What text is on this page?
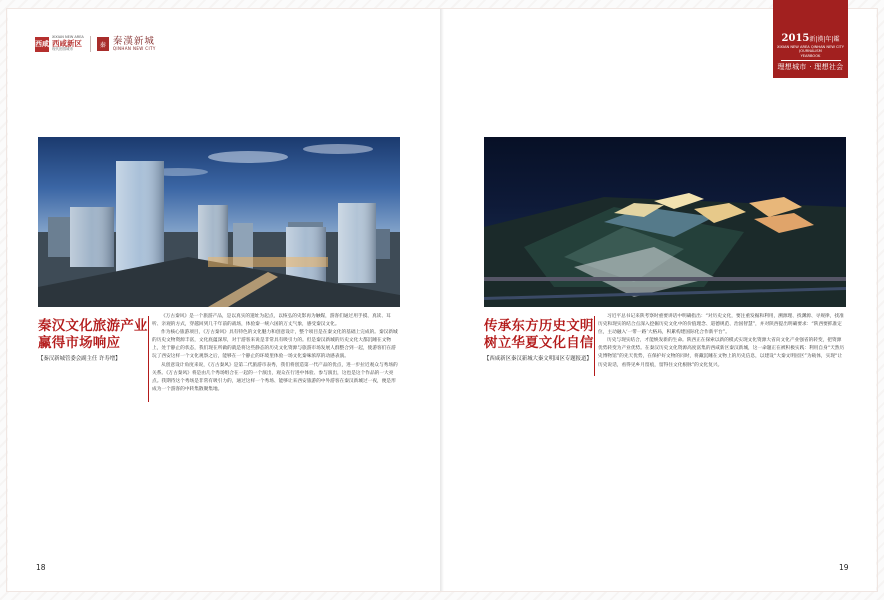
西咸
XIXIAN NEW AREA
西咸新区
现代田园城市
秦 秦漢新城
QINHAN NEW CITY
2015新|漢|年|鑑
XIXIAN NEW AREA QINHAN NEW CITY
JOURNALISM
YEARBOOK
理想城市 · 理想社会
秦汉文化旅游产业
赢得市场响应
【秦汉新城管委会副主任 许寿增】

《万古秦风》是一个旅游产品，是以真实的遗址为起点，以恢弘的史影再为触媒，游客们通过用手摸、真读、耳听、亲观的方式，穿越回到几千年前的战场，体验秦一统六国的万丈气象，感受秦汉文化。

作为核心旅游项目，《万古秦风》具有特色的文化魅力和创意设计，整个项目是在秦文化的基础上完成的。秦汉新城的历史文物资源丰富，文化底蕴深厚，对于游客来说是非常具有吸引力的。但是秦汉新城的历史文化大都沉睡在文物上，处于静止的状态，我们现在所做的就是将这些静态的历史文化资源与旅游市场发展人群整合到一起，使游客们在游玩了西安这样一个文化观察之后，能够在一个静止的环境里体验一场文化秦味浓厚的动感表演。

从创意设计角度来说，《万古秦风》是第二代旅游市表秀，我们将创造第一代产品的优点，进一步拉近观众与秀场的关系。《万古秦风》将是由几个秀场组合在一起的一个演出，观众在行进中体验、参与演出，这也是这个作品的一大亮点。我期待这个秀场是非常有吸引力的，通过这样一个秀场、能够让来西安旅游的中外游客在秦汉新城过一夜，便是形成为一个游客的中转集散聚集地。

传承东方历史文明
树立华夏文化自信
【西咸新区秦汉新城大秦文明园区专题报道】

习近平总书记来陕考察时重要讲话中明确指出：“对历史文化，要注重发掘和利用，溯源理、找渊源、寻规律，找准历史和现实的结合点深入挖掘历史文化中的价值理念、道德规范、治国智慧”，并对陕西提出明确要求：“陕西要抓准定位，主动融入‘一带一路’大格局，积累构建国际化合作新平台”。

历史与现实结合，才能焕发新的生命。陕西正在探索以新的模式实现文化资源大省向文化产业强省的转变，把资源优势转变为产业优势。在秦汉历史文化资源高度富集的西咸新区秦汉新城，这一命题正在被积极实践：利用自身“天然历史博物馆”的先天优势，在保护好文物的同时，将藏沉睡在文物上的历史信息，以建设“大秦文明园区”为载体，实现“让历史说话，看得见乡月留痕，留得住文化根脉”的文化复兴。

18	19
